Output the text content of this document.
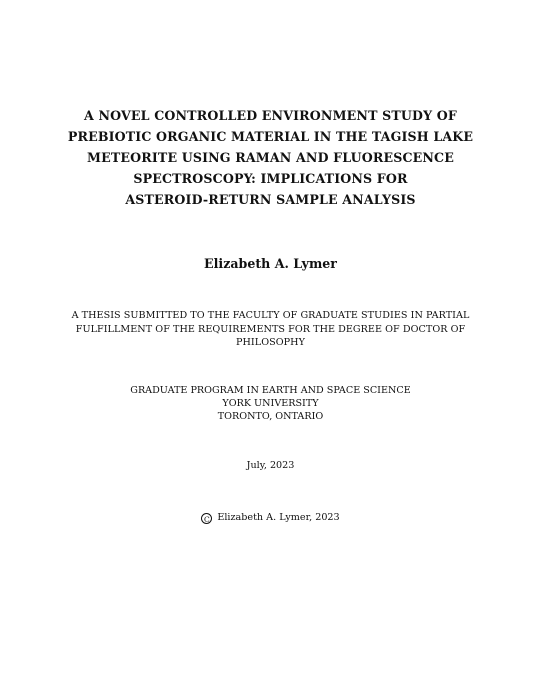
A NOVEL CONTROLLED ENVIRONMENT STUDY OF
PREBIOTIC ORGANIC MATERIAL IN THE TAGISH LAKE
METEORITE USING RAMAN AND FLUORESCENCE
SPECTROSCOPY: IMPLICATIONS FOR
ASTEROID-RETURN SAMPLE ANALYSIS
Elizabeth A. Lymer
A THESIS SUBMITTED TO THE FACULTY OF GRADUATE STUDIES IN PARTIAL
FULFILLMENT OF THE REQUIREMENTS FOR THE DEGREE OF DOCTOR OF
PHILOSOPHY
GRADUATE PROGRAM IN EARTH AND SPACE SCIENCE
YORK UNIVERSITY
TORONTO, ONTARIO
July, 2023
C Elizabeth A. Lymer, 2023
